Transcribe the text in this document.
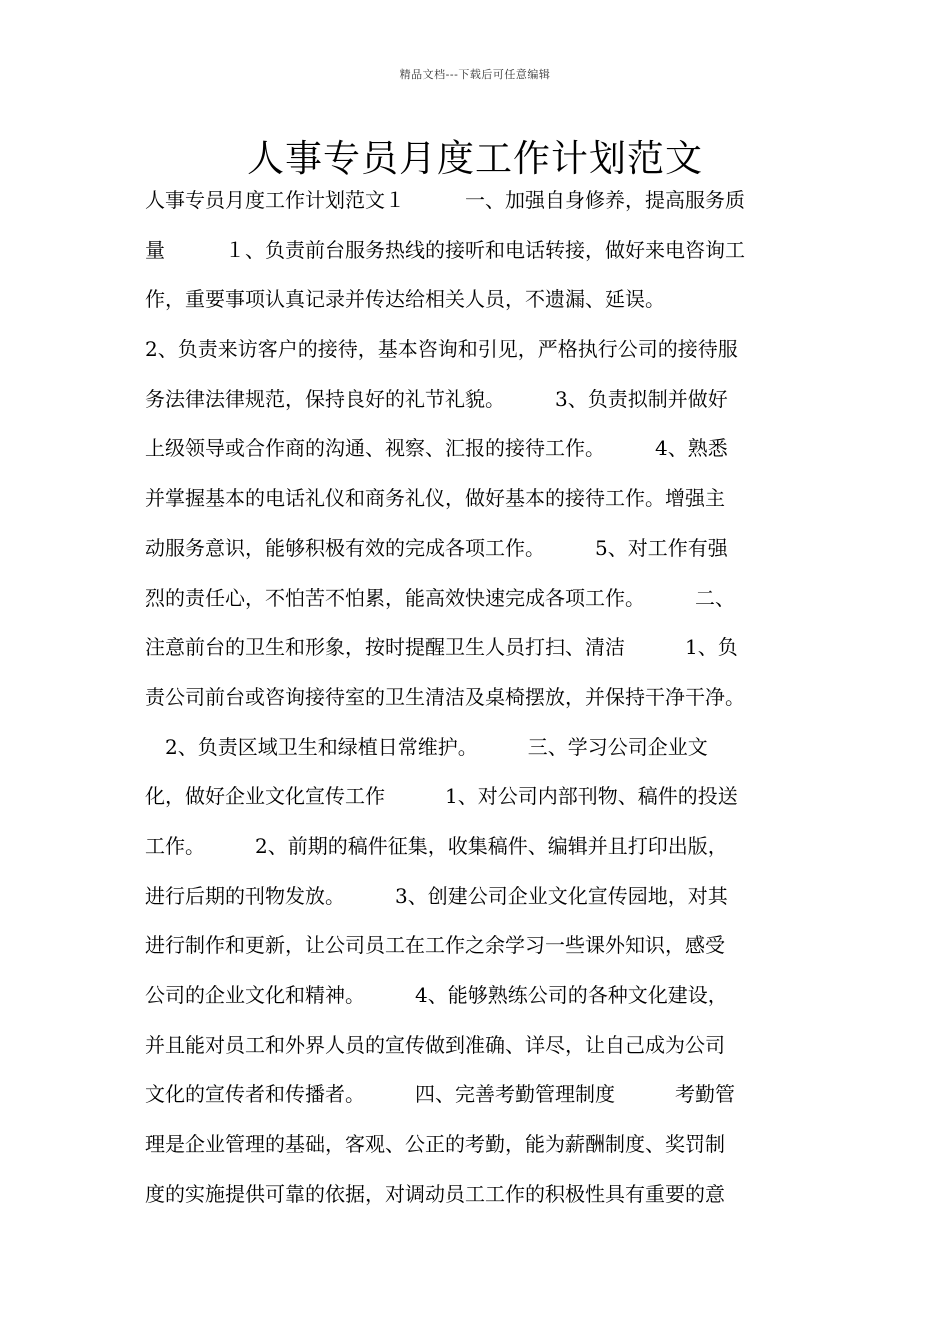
精品文档---下载后可任意编辑
人事专员月度工作计划范文
人事专员月度工作计划范文１　　　一、加强自身修养，提高服务质
量　　　１、负责前台服务热线的接听和电话转接，做好来电咨询工
作，重要事项认真记录并传达给相关人员，不遗漏、延误。
2、负责来访客户的接待，基本咨询和引见，严格执行公司的接待服
务法律法律规范，保持良好的礼节礼貌。　　　3、负责拟制并做好
上级领导或合作商的沟通、视察、汇报的接待工作。　　　4、熟悉
并掌握基本的电话礼仪和商务礼仪，做好基本的接待工作。增强主
动服务意识，能够积极有效的完成各项工作。　　　5、对工作有强
烈的责任心，不怕苦不怕累，能高效快速完成各项工作。　　　二、
注意前台的卫生和形象，按时提醒卫生人员打扫、清洁　　　1、负
责公司前台或咨询接待室的卫生清洁及桌椅摆放，并保持干净干净。
　2、负责区域卫生和绿植日常维护。　　　三、学习公司企业文
化，做好企业文化宣传工作　　　1、对公司内部刊物、稿件的投送
工作。　　　2、前期的稿件征集，收集稿件、编辑并且打印出版，
进行后期的刊物发放。　　　3、创建公司企业文化宣传园地，对其
进行制作和更新，让公司员工在工作之余学习一些课外知识，感受
公司的企业文化和精神。　　　4、能够熟练公司的各种文化建设，
并且能对员工和外界人员的宣传做到准确、详尽，让自己成为公司
文化的宣传者和传播者。　　　四、完善考勤管理制度　　　考勤管
理是企业管理的基础，客观、公正的考勤，能为薪酬制度、奖罚制
度的实施提供可靠的依据，对调动员工工作的积极性具有重要的意
